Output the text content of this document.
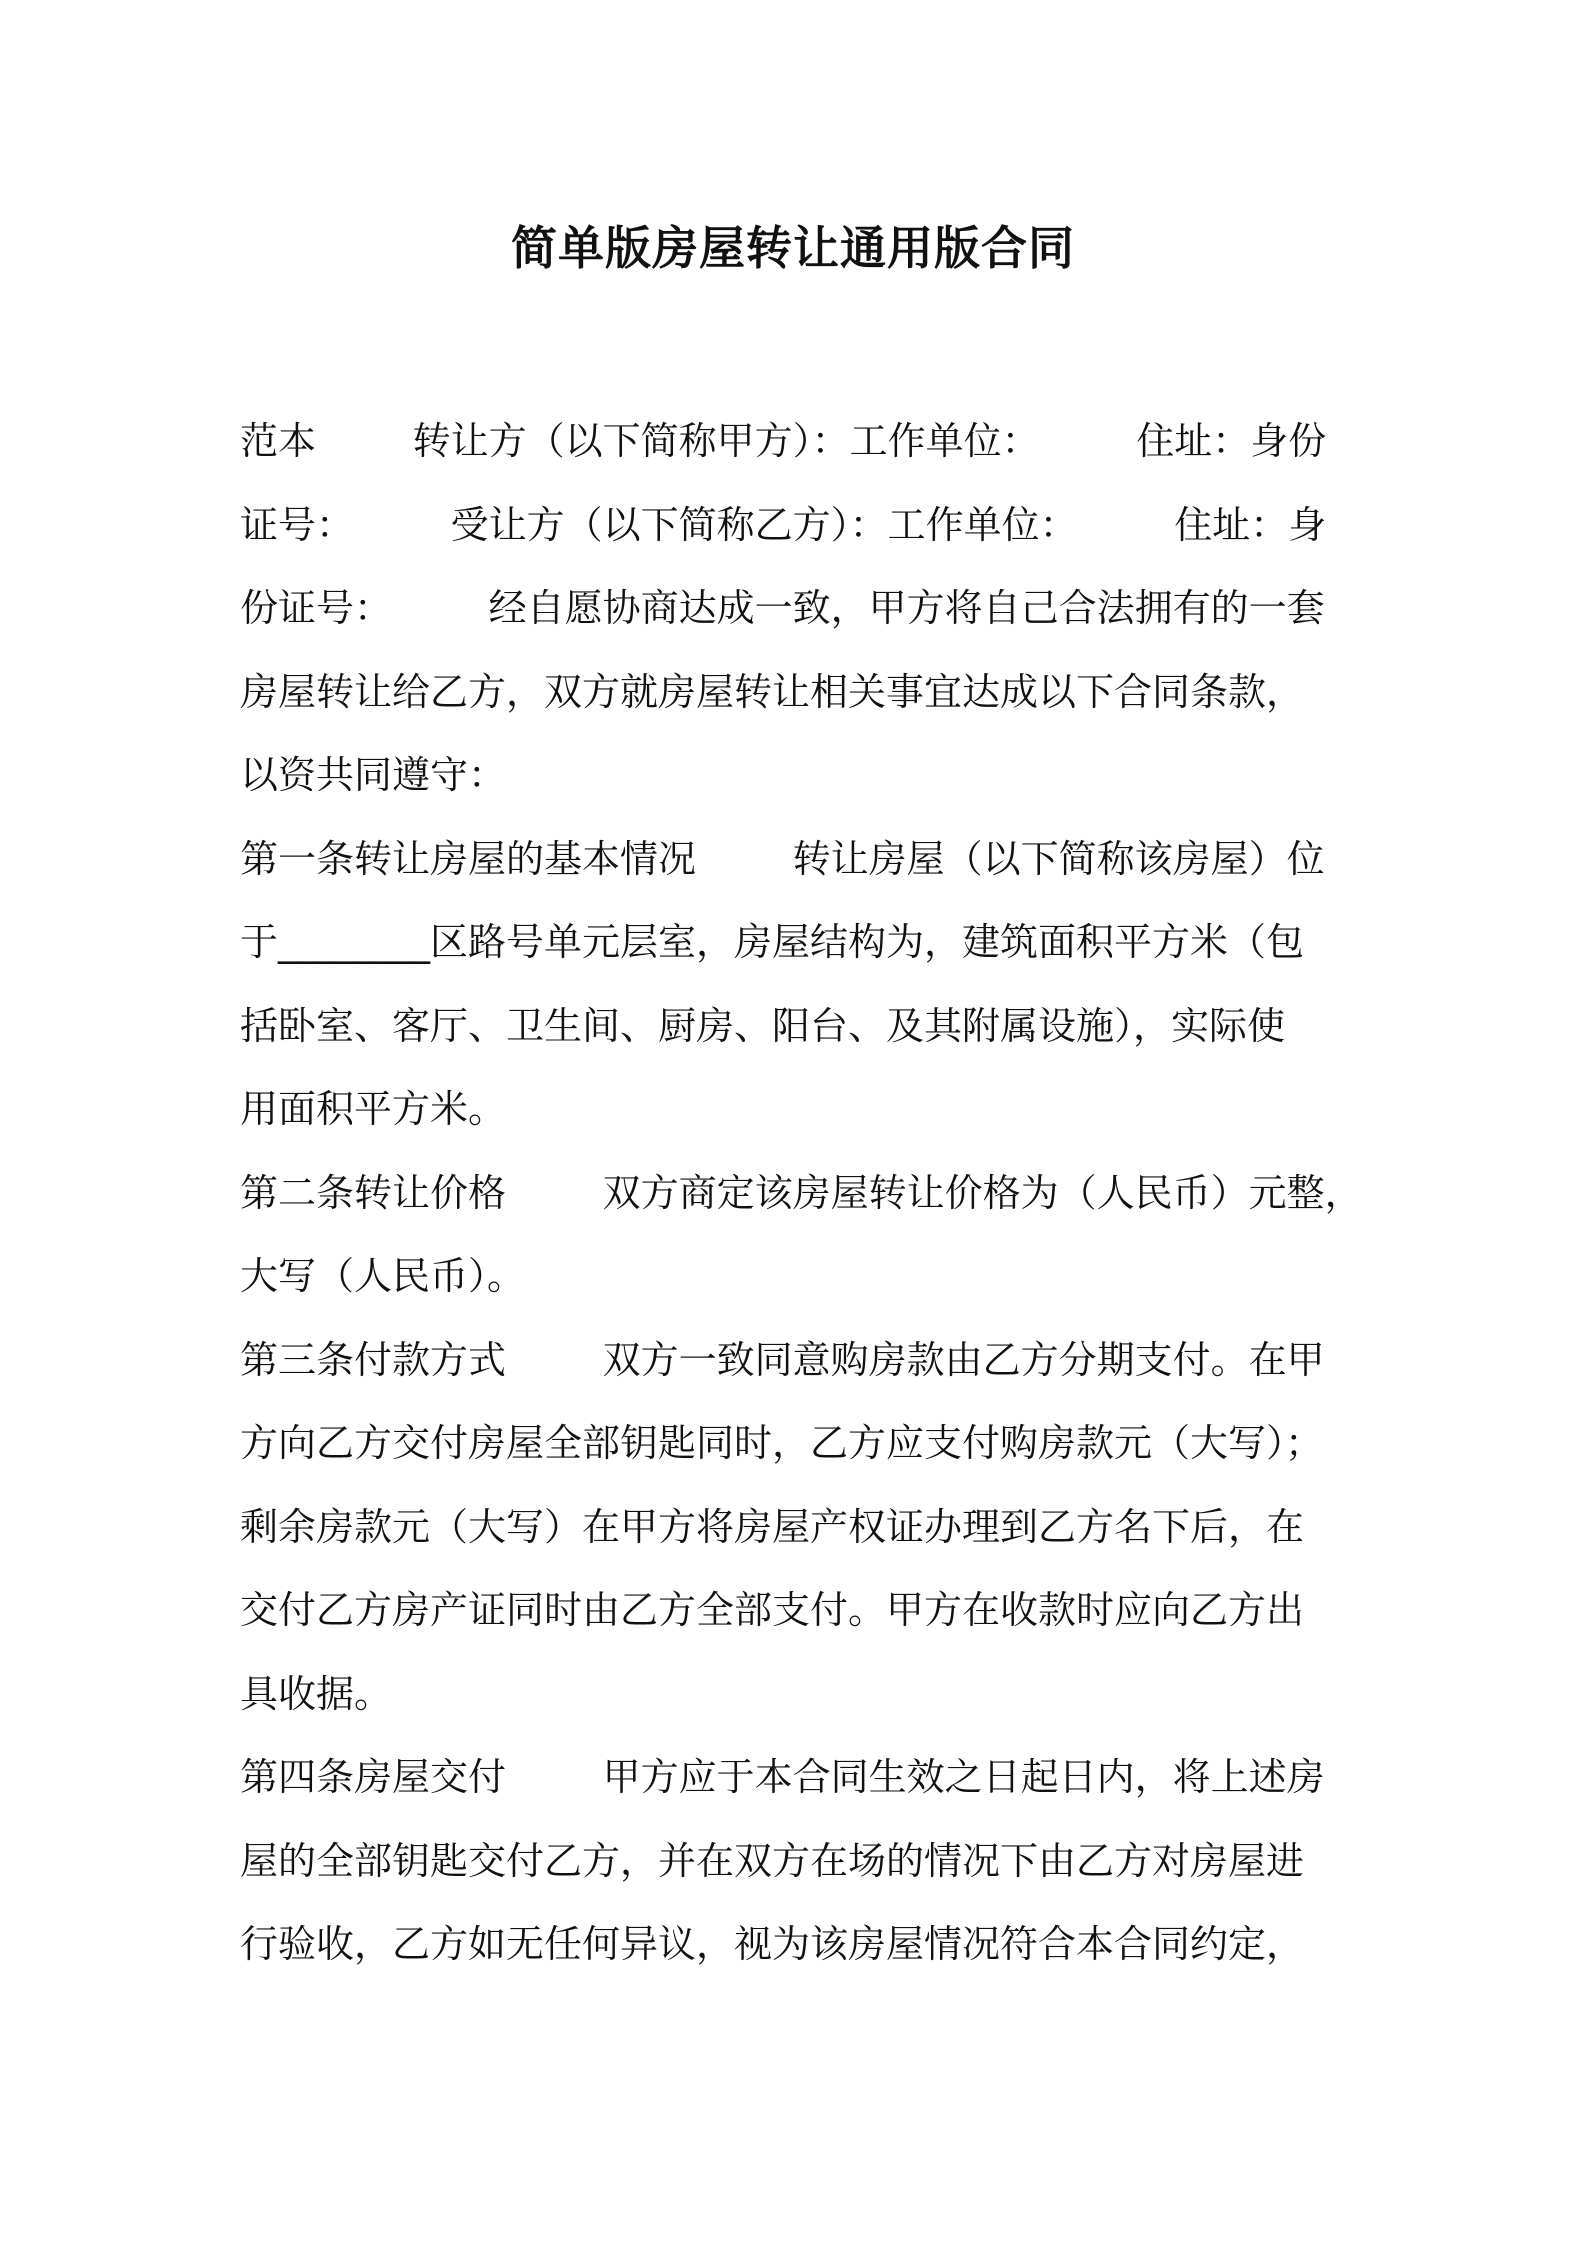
简单版房屋转让通用版合同
范本        转让方（以下简称甲方）：工作单位：        住址：身份
证号：        受让方（以下简称乙方）：工作单位：        住址：身
份证号：        经自愿协商达成一致，甲方将自己合法拥有的一套
房屋转让给乙方，双方就房屋转让相关事宜达成以下合同条款，
以资共同遵守：
第一条转让房屋的基本情况        转让房屋（以下简称该房屋）位
于________区路号单元层室，房屋结构为，建筑面积平方米（包
括卧室、客厅、卫生间、厨房、阳台、及其附属设施），实际使
用面积平方米。
第二条转让价格        双方商定该房屋转让价格为（人民币）元整，
大写（人民币）。
第三条付款方式        双方一致同意购房款由乙方分期支付。在甲
方向乙方交付房屋全部钥匙同时，乙方应支付购房款元（大写）；
剩余房款元（大写）在甲方将房屋产权证办理到乙方名下后，在
交付乙方房产证同时由乙方全部支付。甲方在收款时应向乙方出
具收据。
第四条房屋交付        甲方应于本合同生效之日起日内，将上述房
屋的全部钥匙交付乙方，并在双方在场的情况下由乙方对房屋进
行验收，乙方如无任何异议，视为该房屋情况符合本合同约定，
